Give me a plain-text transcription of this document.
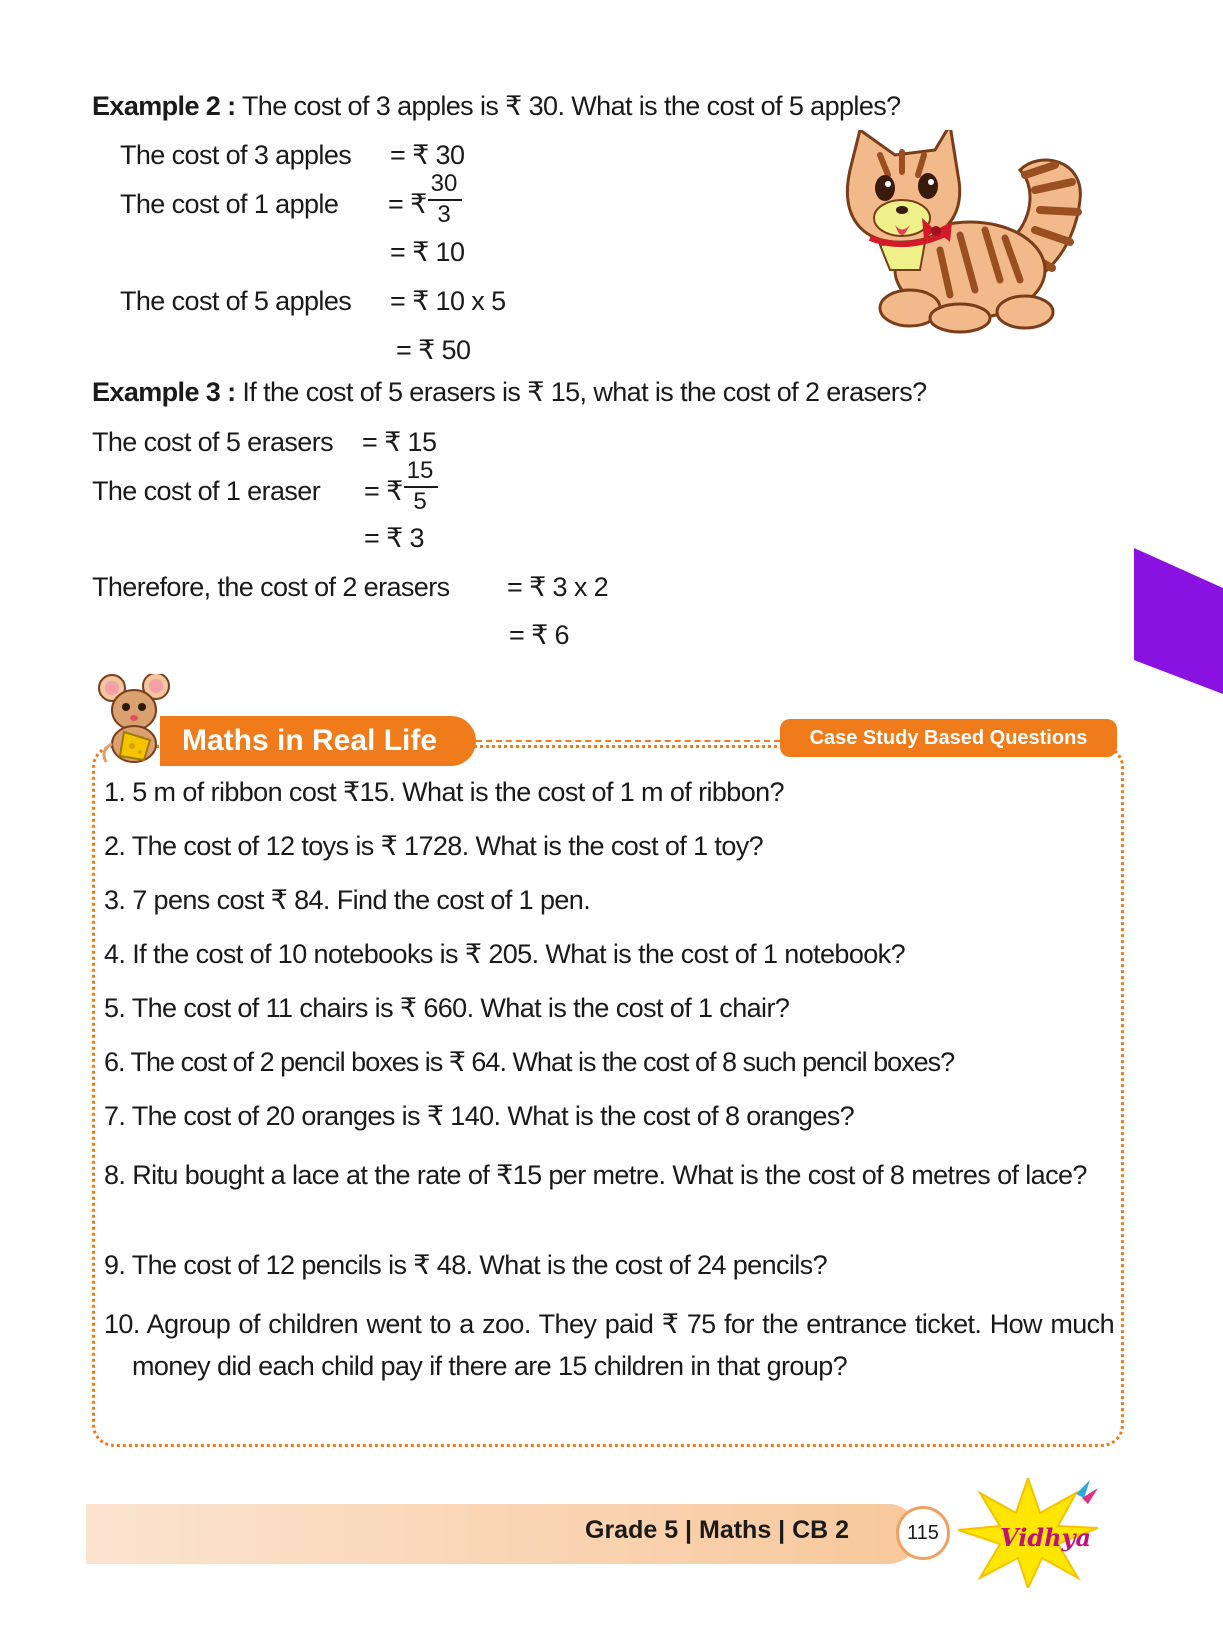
Example 2 : The cost of 3 apples is ₹ 30. What is the cost of 5 apples?
The cost of 3 apples = ₹ 30
The cost of 1 apple = ₹
30
3
= ₹ 10
The cost of 5 apples = ₹ 10 x 5
= ₹ 50
Example 3 : If the cost of 5 erasers is ₹ 15, what is the cost of 2 erasers?
The cost of 5 erasers = ₹ 15
The cost of 1 eraser = ₹
15
5
= ₹ 3
Therefore, the cost of 2 erasers = ₹ 3 x 2
= ₹ 6
Maths in Real Life	Case Study Based Questions
1. 5 m of ribbon cost ₹15. What is the cost of 1 m of ribbon?
2. The cost of 12 toys is ₹ 1728. What is the cost of 1 toy?
3. 7 pens cost ₹ 84. Find the cost of 1 pen.
4. If the cost of 10 notebooks is ₹ 205. What is the cost of 1 notebook?
5. The cost of 11 chairs is ₹ 660. What is the cost of 1 chair?
6. The cost of 2 pencil boxes is ₹ 64. What is the cost of 8 such pencil boxes?
7. The cost of 20 oranges is ₹ 140. What is the cost of 8 oranges?
8. Ritu bought a lace at the rate of ₹15 per metre. What is the cost of 8 metres of lace?
9. The cost of 12 pencils is ₹ 48. What is the cost of 24 pencils?
10. Agroup of children went to a zoo. They paid ₹ 75 for the entrance ticket. How much money did each child pay if there are 15 children in that group?
Grade 5 | Maths | CB 2	115	Vidhya
